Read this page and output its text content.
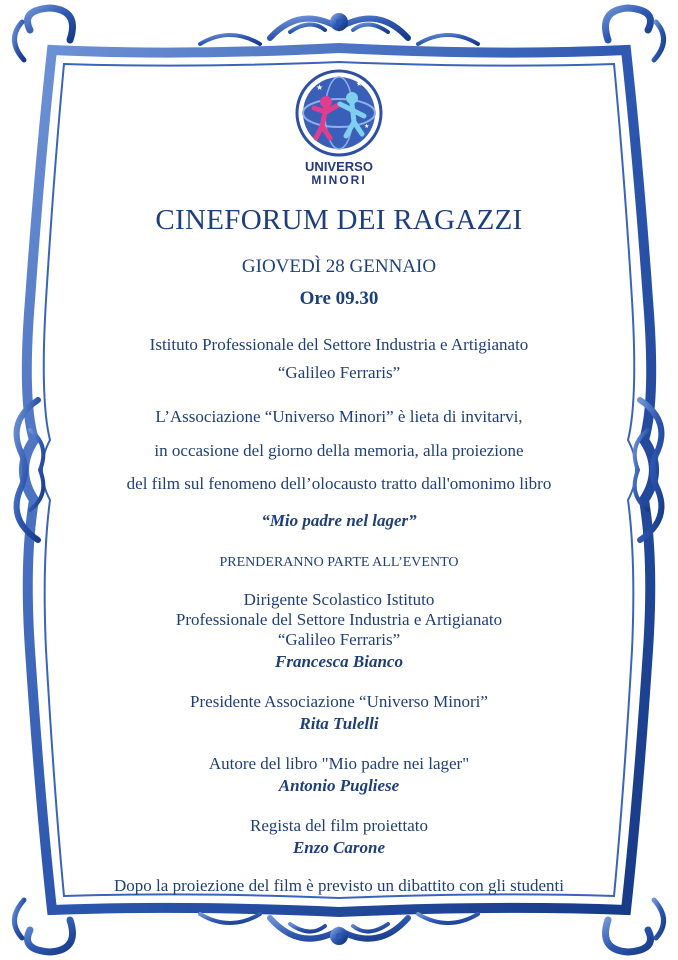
★	★
★
UNIVERSO
MINORI
CINEFORUM DEI RAGAZZI
GIOVEDÌ 28 GENNAIO
Ore 09.30
Istituto Professionale del Settore Industria e Artigianato
“Galileo Ferraris”
L’Associazione “Universo Minori” è lieta di invitarvi,
in occasione del giorno della memoria, alla proiezione
del film sul fenomeno dell’olocausto tratto dall'omonimo libro
“Mio padre nel lager”
PRENDERANNO PARTE ALL’EVENTO
Dirigente Scolastico Istituto
Professionale del Settore Industria e Artigianato
“Galileo Ferraris”
Francesca Bianco
Presidente Associazione “Universo Minori”
Rita Tulelli
Autore del libro "Mio padre nei lager"
Antonio Pugliese
Regista del film proiettato
Enzo Carone
Dopo la proiezione del film è previsto un dibattito con gli studenti
